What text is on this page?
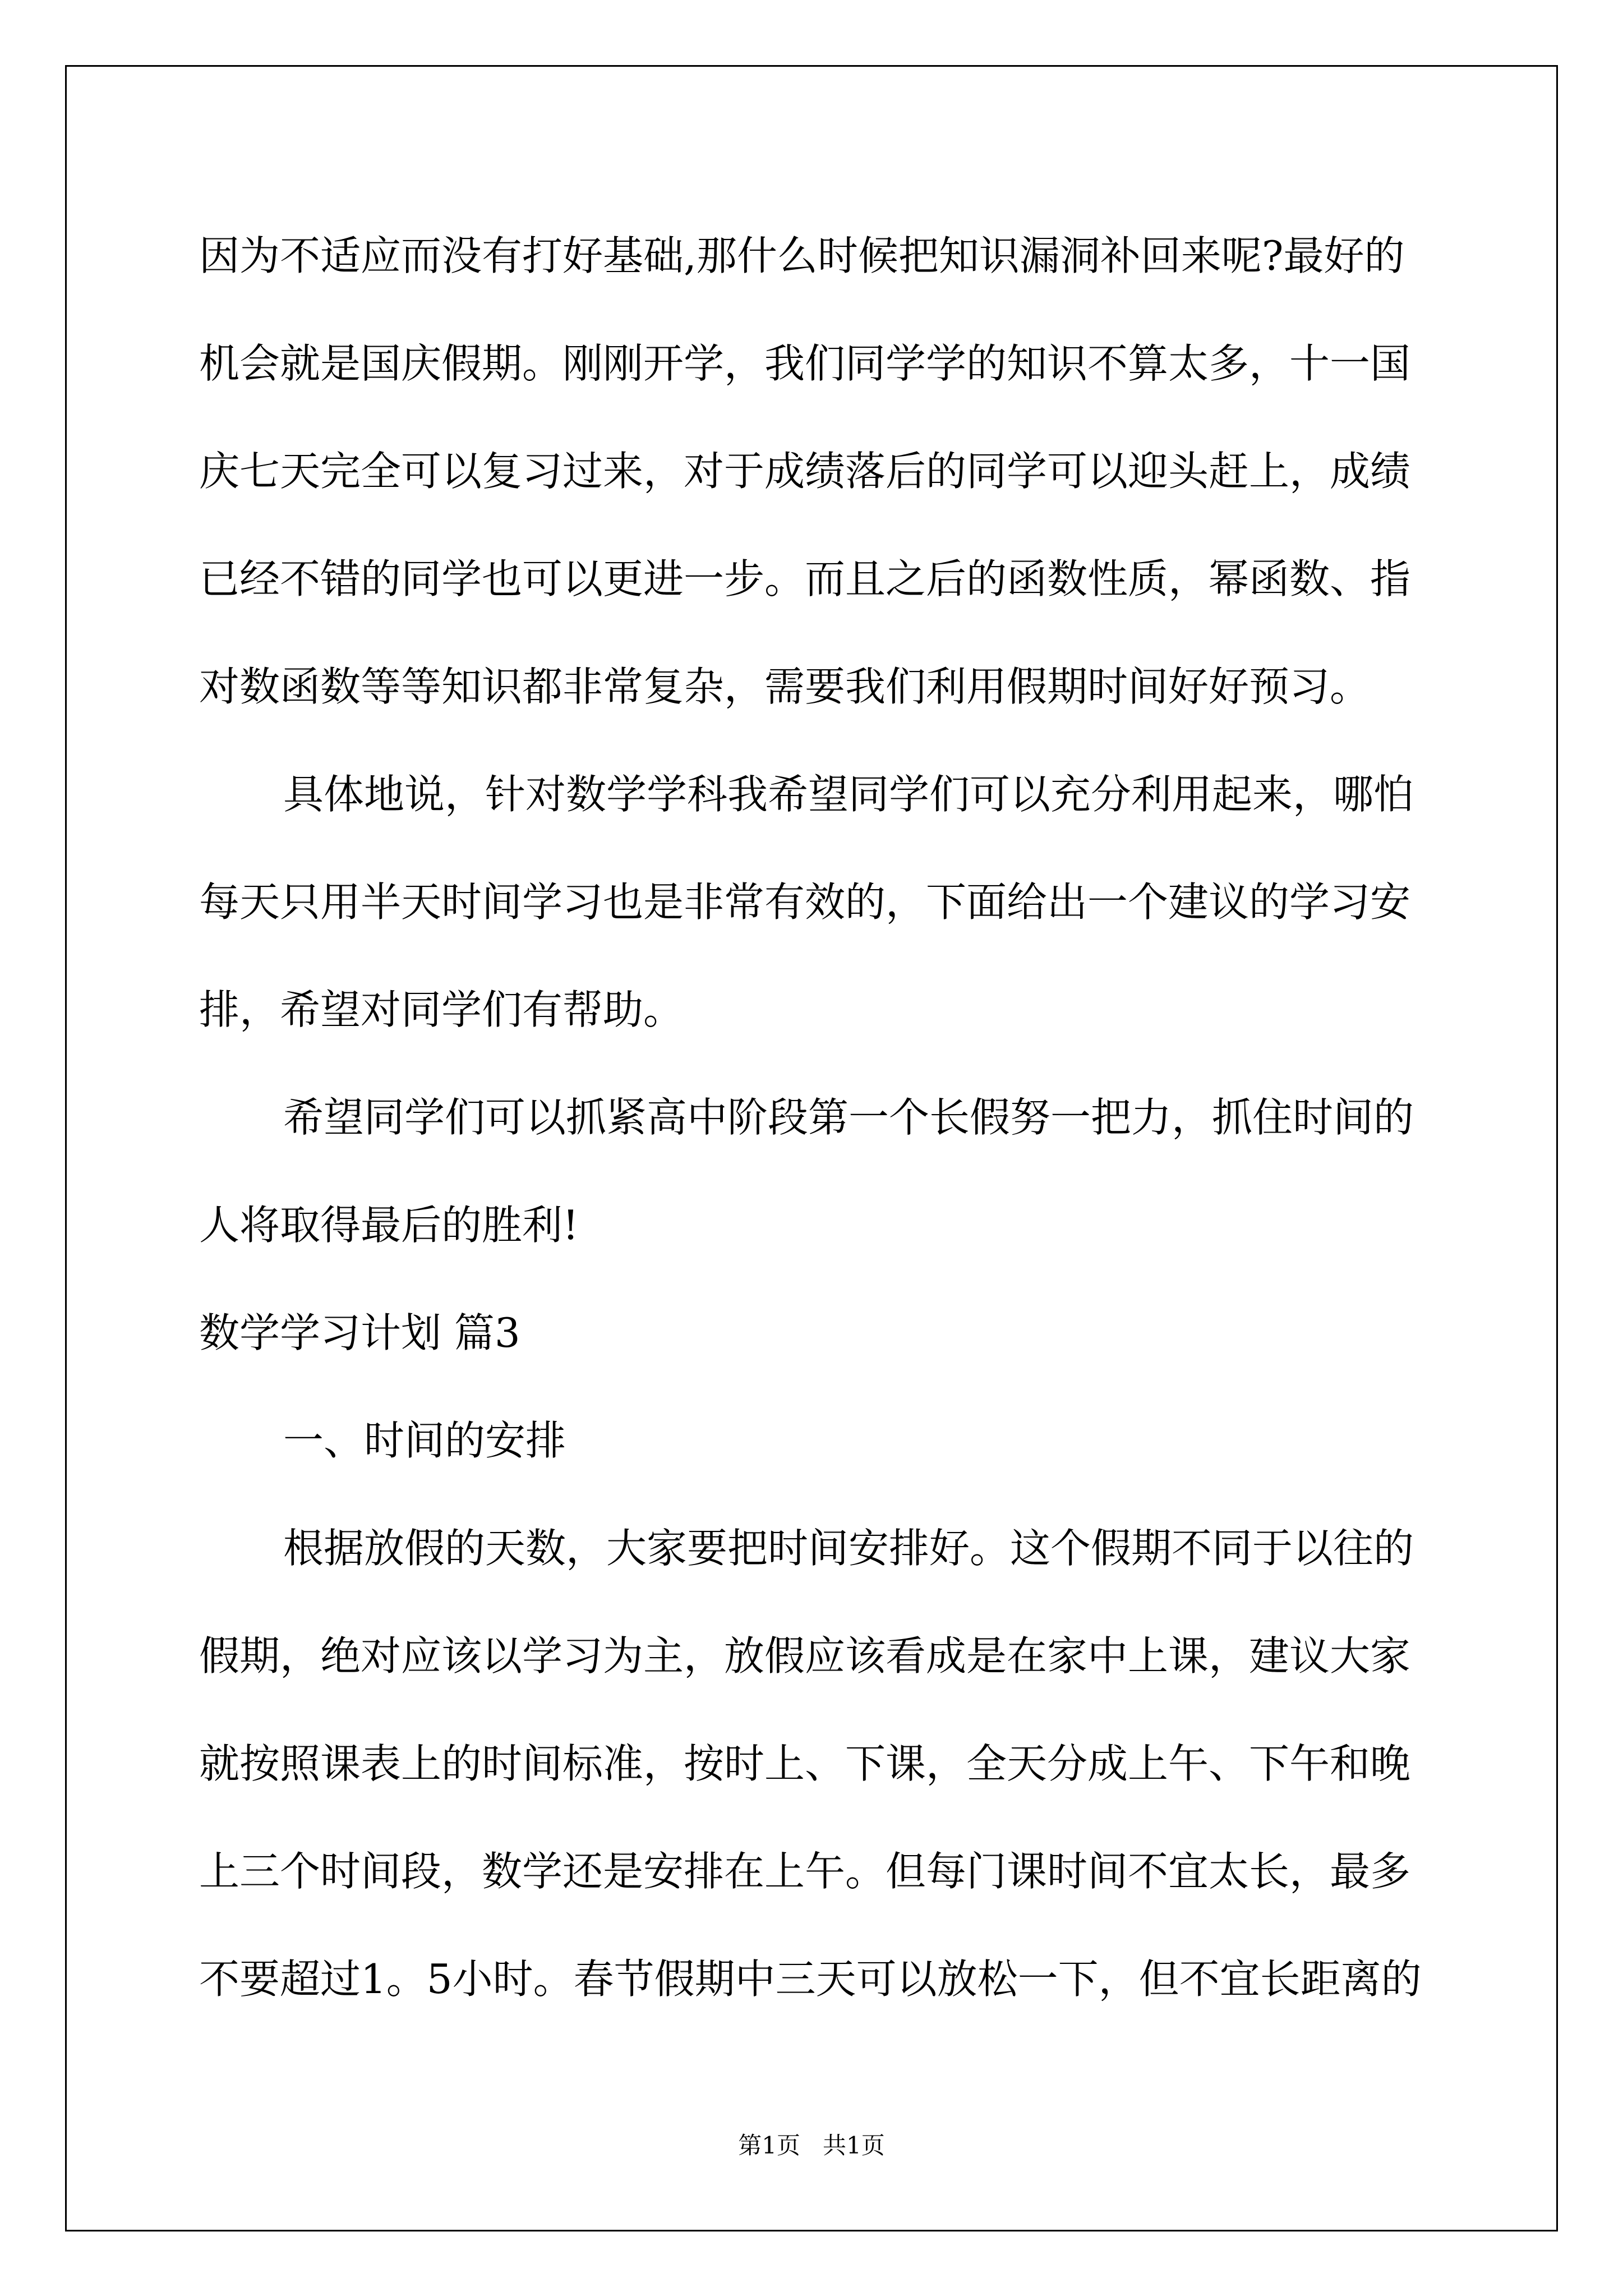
因为不适应而没有打好基础,那什么时候把知识漏洞补回来呢?最好的
机会就是国庆假期。刚刚开学，我们同学学的知识不算太多，十一国
庆七天完全可以复习过来，对于成绩落后的同学可以迎头赶上，成绩
已经不错的同学也可以更进一步。而且之后的函数性质，幂函数、指
对数函数等等知识都非常复杂，需要我们利用假期时间好好预习。
具体地说，针对数学学科我希望同学们可以充分利用起来，哪怕
每天只用半天时间学习也是非常有效的，下面给出一个建议的学习安
排，希望对同学们有帮助。
希望同学们可以抓紧高中阶段第一个长假努一把力，抓住时间的
人将取得最后的胜利!
数学学习计划 篇3
一、时间的安排
根据放假的天数，大家要把时间安排好。这个假期不同于以往的
假期，绝对应该以学习为主，放假应该看成是在家中上课，建议大家
就按照课表上的时间标准，按时上、下课，全天分成上午、下午和晚
上三个时间段，数学还是安排在上午。但每门课时间不宜太长，最多
不要超过1。5小时。春节假期中三天可以放松一下，但不宜长距离的
第1页   共1页
